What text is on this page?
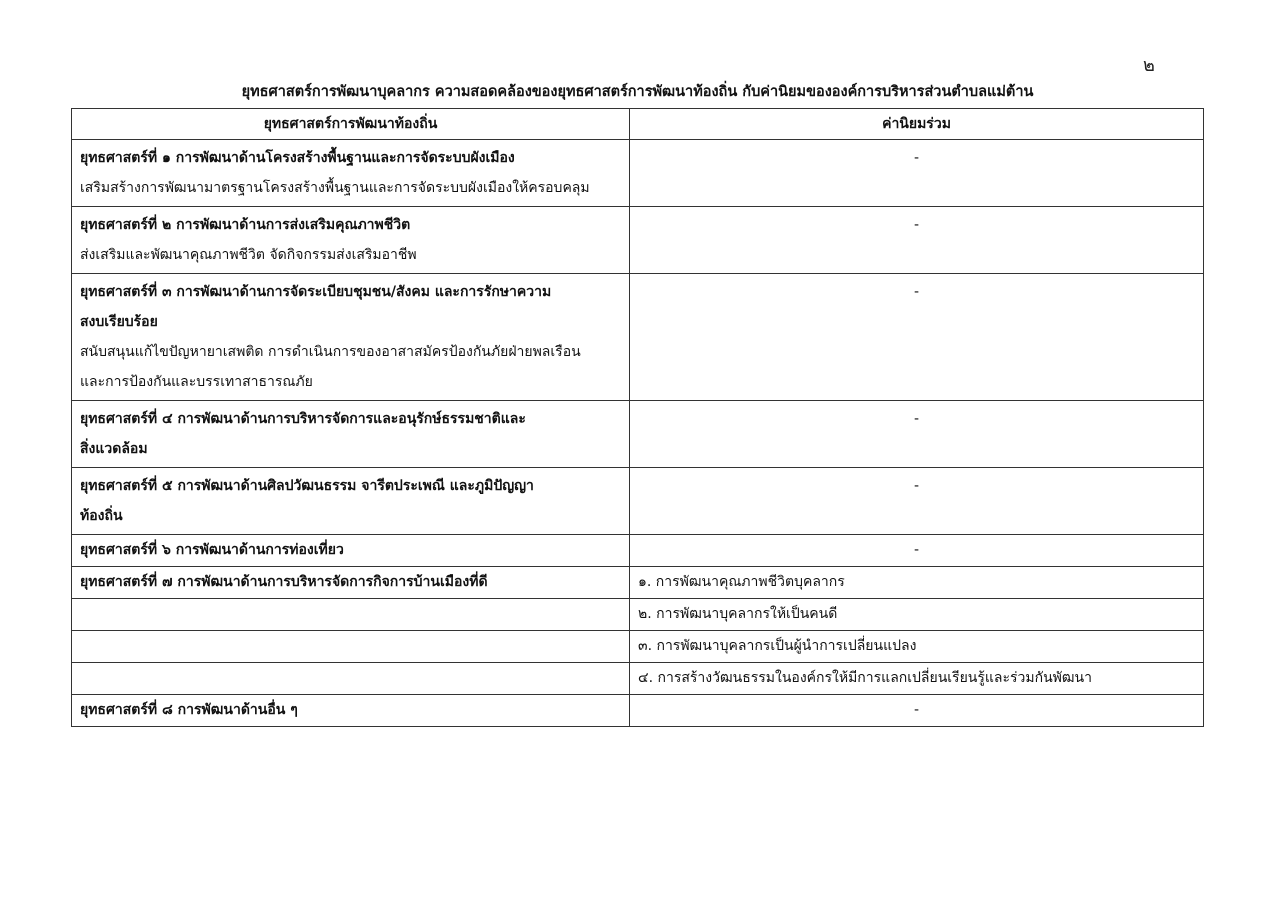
๒
ยุทธศาสตร์การพัฒนาบุคลากร ความสอดคล้องของยุทธศาสตร์การพัฒนาท้องถิ่น กับค่านิยมขององค์การบริหารส่วนตำบลแม่ต้าน
ยุทธศาสตร์การพัฒนาท้องถิ่น	ค่านิยมร่วม

ยุทธศาสตร์ที่ ๑ การพัฒนาด้านโครงสร้างพื้นฐานและการจัดระบบผังเมือง
เสริมสร้างการพัฒนามาตรฐานโครงสร้างพื้นฐานและการจัดระบบผังเมืองให้ครอบคลุม	-

ยุทธศาสตร์ที่ ๒ การพัฒนาด้านการส่งเสริมคุณภาพชีวิต
ส่งเสริมและพัฒนาคุณภาพชีวิต จัดกิจกรรมส่งเสริมอาชีพ	-

ยุทธศาสตร์ที่ ๓ การพัฒนาด้านการจัดระเบียบชุมชน/สังคม และการรักษาความ
สงบเรียบร้อย
สนับสนุนแก้ไขปัญหายาเสพติด การดำเนินการของอาสาสมัครป้องกันภัยฝ่ายพลเรือน
และการป้องกันและบรรเทาสาธารณภัย	-

ยุทธศาสตร์ที่ ๔ การพัฒนาด้านการบริหารจัดการและอนุรักษ์ธรรมชาติและ
สิ่งแวดล้อม	-

ยุทธศาสตร์ที่ ๕ การพัฒนาด้านศิลปวัฒนธรรม จารีตประเพณี และภูมิปัญญา
ท้องถิ่น	-

ยุทธศาสตร์ที่ ๖ การพัฒนาด้านการท่องเที่ยว	-

ยุทธศาสตร์ที่ ๗ การพัฒนาด้านการบริหารจัดการกิจการบ้านเมืองที่ดี	๑. การพัฒนาคุณภาพชีวิตบุคลากร
	๒. การพัฒนาบุคลากรให้เป็นคนดี
	๓. การพัฒนาบุคลากรเป็นผู้นำการเปลี่ยนแปลง
	๔. การสร้างวัฒนธรรมในองค์กรให้มีการแลกเปลี่ยนเรียนรู้และร่วมกันพัฒนา

ยุทธศาสตร์ที่ ๘ การพัฒนาด้านอื่น ๆ	-
